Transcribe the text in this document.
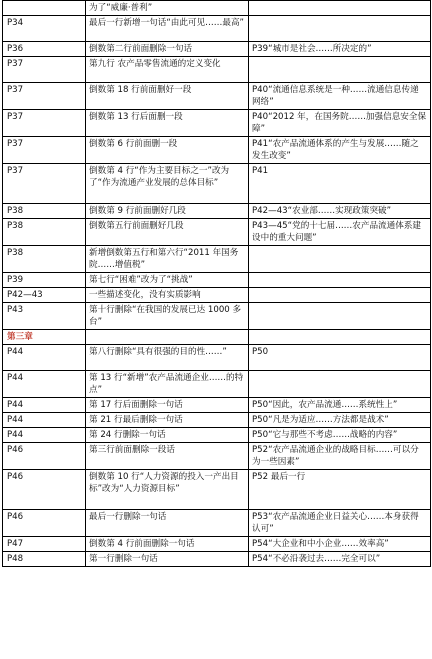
	为了“威廉·普利”	
P34	最后一行新增一句话“由此可见……最高”	
P36	倒数第二行前面删除一句话	P39“城市是社会……所决定的”
P37	第九行 农产品零售流通的定义变化	
P37	倒数第 18 行前面删好一段	P40“流通信息系统是一种……流通信息传递网络”
P37	倒数第 13 行后面删一段	P40“2012 年，在国务院……加强信息安全保障”
P37	倒数第 6 行前面删一段	P41“农产品流通体系的产生与发展……随之发生改变”
P37	倒数第 4 行“作为主要目标之一”改为了“作为流通产业发展的总体目标”	P41
P38	倒数第 9 行前面删好几段	P42—43“农业部……实现政策突破”
P38	倒数第五行前面删好几段	P43—45“党的十七届……农产品流通体系建设中的重大问题”
P38	新增倒数第五行和第六行“2011 年国务院……增值税”	
P39	第七行“困难”改为了“挑战”	
P42—43	一些描述变化，没有实质影响	
P43	第十行删除“在我国的发展已达 1000 多台”	
第三章		
P44	第八行删除“具有很强的目的性……”	P50
P44	第 13 行“新增”农产品流通企业……的特点”	
P44	第 17 行后面删除一句话	P50“因此，农产品流通……系统性上”
P44	第 21 行最后删除一句话	P50“凡是为适应……方法都是战术”
P44	第 24 行删除一句话	P50“它与那些不考虑……战略的内容”
P46	第三行前面删除一段话	P52“农产品流通企业的战略目标……可以分为一些因素”
P46	倒数第 10 行“人力资源的投入一产出目标”改为“人力资源目标”	P52 最后一行
P46	最后一行删除一句话	P53“农产品流通企业日益关心……本身获得认可”
P47	倒数第 4 行前面删除一句话	P54“大企业和中小企业……效率高”
P48	第一行删除一句话	P54“不必沿袭过去……完全可以”
